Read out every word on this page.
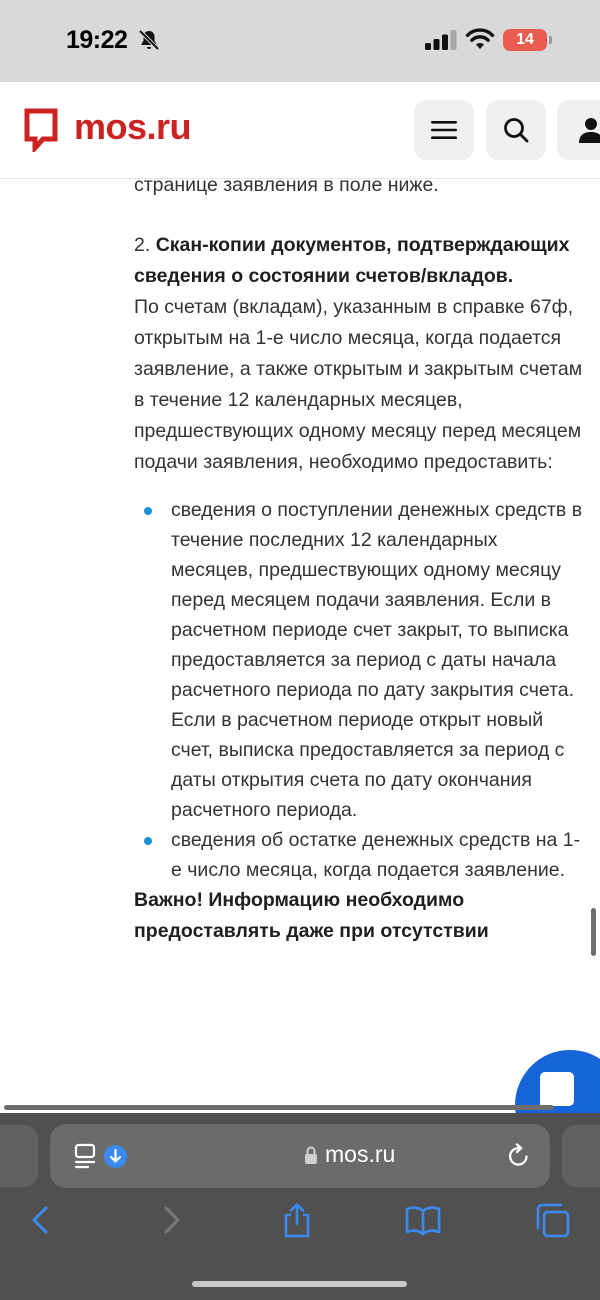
19:22	14
mos.ru

странице заявления в поле ниже.

2. Скан-копии документов, подтверждающих сведения о состоянии счетов/вкладов.

По счетам (вкладам), указанным в справке 67ф, открытым на 1-е число месяца, когда подается заявление, а также открытым и закрытым счетам в течение 12 календарных месяцев, предшествующих одному месяцу перед месяцем подачи заявления, необходимо предоставить:

сведения о поступлении денежных средств в течение последних 12 календарных месяцев, предшествующих одному месяцу перед месяцем подачи заявления. Если в расчетном периоде счет закрыт, то выписка предоставляется за период с даты начала расчетного периода по дату закрытия счета. Если в расчетном периоде открыт новый счет, выписка предоставляется за период с даты открытия счета по дату окончания расчетного периода.
сведения об остатке денежных средств на 1-е число месяца, когда подается заявление.

Важно! Информацию необходимо предоставлять даже при отсутствии

mos.ru
